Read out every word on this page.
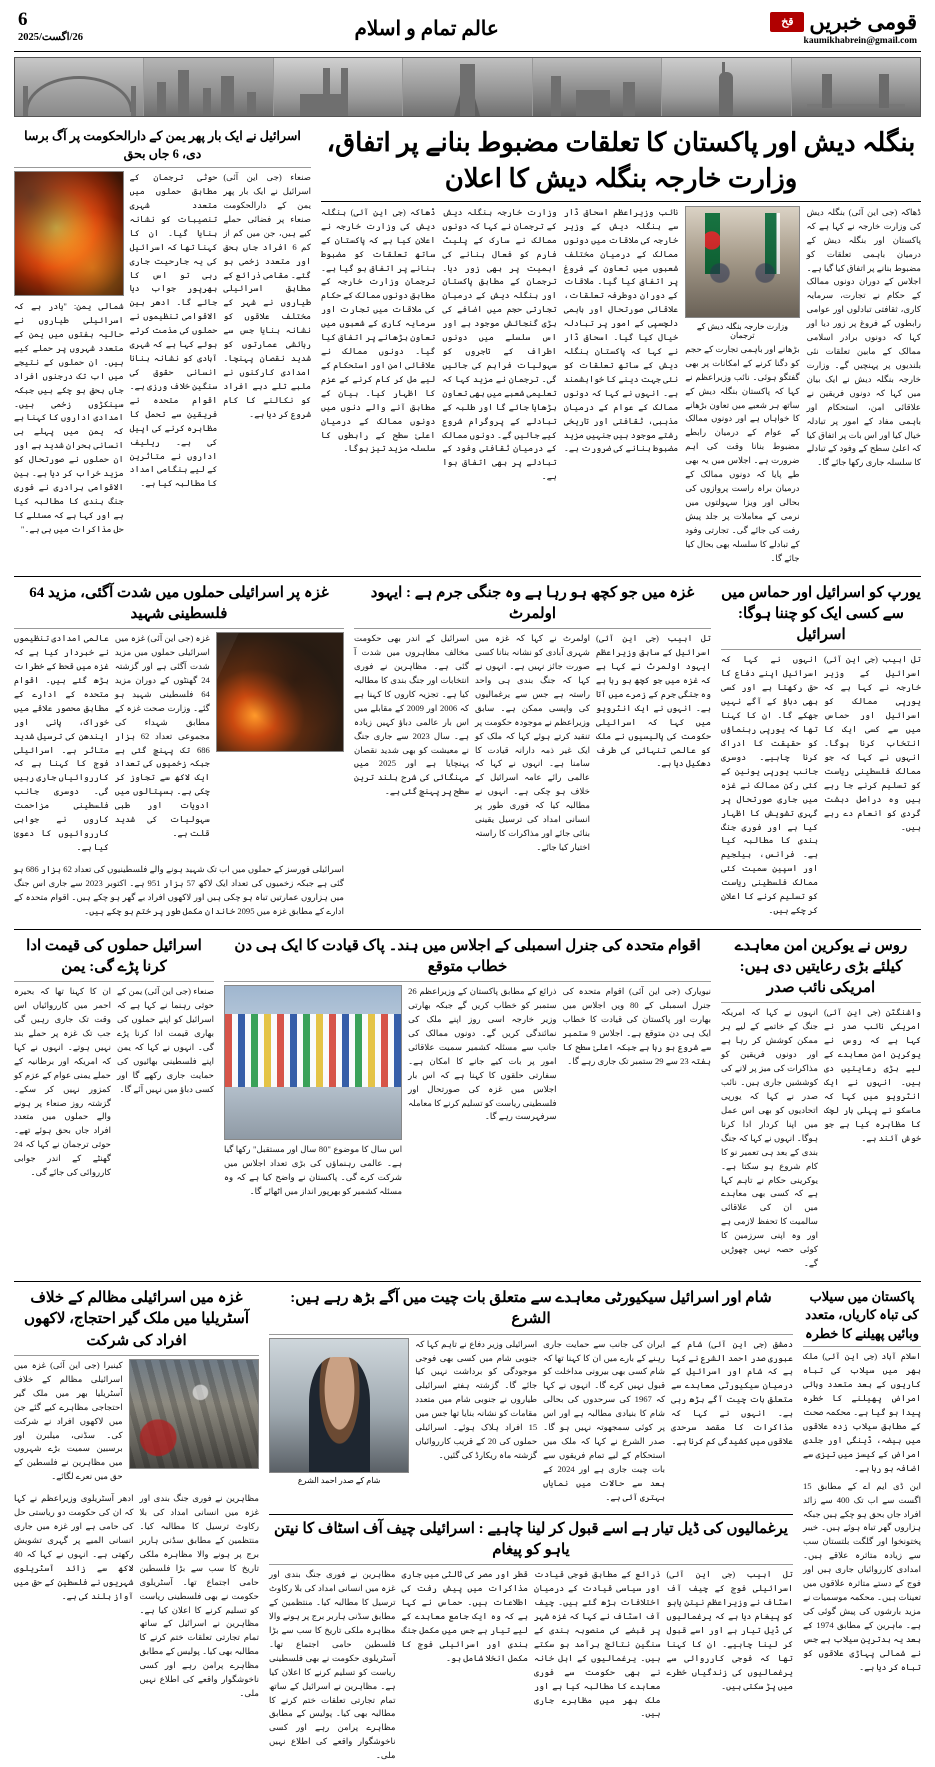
6
26/اگست/2025	عالم تمام و اسلام	قومی خبریں
قخ
kaumikhabrein@gmail.com
بنگلہ دیش اور پاکستان کا تعلقات مضبوط بنانے پر اتفاق، وزارت خارجہ بنگلہ دیش کا اعلان

ڈھاکہ (جی این آئی) بنگلہ دیش کی وزارت خارجہ نے کہا ہے کہ پاکستان اور بنگلہ دیش کے درمیان باہمی تعلقات کو مضبوط بنانے پر اتفاق کیا گیا ہے۔ اجلاس کے دوران دونوں ممالک کے حکام نے تجارت، سرمایہ کاری، ثقافتی تبادلوں اور عوامی رابطوں کے فروغ پر زور دیا اور کہا کہ دونوں برادر اسلامی ممالک کے مابین تعلقات نئی بلندیوں پر پہنچیں گے۔ وزارت خارجہ بنگلہ دیش نے ایک بیان میں کہا کہ دونوں فریقین نے علاقائی امن، استحکام اور باہمی مفاد کے امور پر تبادلہ خیال کیا اور اس بات پر اتفاق کیا کہ اعلیٰ سطح کے وفود کے تبادلے کا سلسلہ جاری رکھا جائے گا۔

وزارت خارجہ بنگلہ دیش کے ترجمان

بڑھانے اور باہمی تجارت کے حجم کو دگنا کرنے کے امکانات پر بھی گفتگو ہوئی۔ نائب وزیراعظم نے کہا کہ پاکستان بنگلہ دیش کے ساتھ ہر شعبے میں تعاون بڑھانے کا خواہاں ہے اور دونوں ممالک کے عوام کے درمیان رابطے مضبوط بنانا وقت کی اہم ضرورت ہے۔ اجلاس میں یہ بھی طے پایا کہ دونوں ممالک کے درمیان براہ راست پروازوں کی بحالی اور ویزا سہولتوں میں نرمی کے معاملات پر جلد پیش رفت کی جائے گی۔ تجارتی وفود کے تبادلے کا سلسلہ بھی بحال کیا جائے گا۔

نائب وزیراعظم اسحاق ڈار سے بنگلہ دیش کے وزیر خارجہ کی ملاقات میں دونوں ممالک کے درمیان مختلف شعبوں میں تعاون کے فروغ پر اتفاق کیا گیا۔ ملاقات کے دوران دوطرفہ تعلقات، علاقائی صورتحال اور باہمی دلچسپی کے امور پر تبادلہ خیال کیا گیا۔ اسحاق ڈار نے کہا کہ پاکستان بنگلہ دیش کے ساتھ تعلقات کو نئی جہت دینے کا خواہشمند ہے۔ انہوں نے کہا کہ دونوں ممالک کے عوام کے درمیان مذہبی، ثقافتی اور تاریخی رشتے موجود ہیں جنہیں مزید مضبوط بنانے کی ضرورت ہے۔

وزارت خارجہ بنگلہ دیش کے ترجمان نے کہا کہ دونوں ممالک نے سارک کے پلیٹ فارم کو فعال بنانے کی اہمیت پر بھی زور دیا۔ ترجمان کے مطابق پاکستان اور بنگلہ دیش کے درمیان تجارتی حجم میں اضافے کی بڑی گنجائش موجود ہے اور اس سلسلے میں دونوں اطراف کے تاجروں کو سہولیات فراہم کی جائیں گی۔ ترجمان نے مزید کہا کہ تعلیمی شعبے میں بھی تعاون بڑھایا جائے گا اور طلبہ کے تبادلے کے پروگرام شروع کیے جائیں گے۔ دونوں ممالک کے درمیان ثقافتی وفود کے تبادلے پر بھی اتفاق ہوا ہے۔

ڈھاکہ (جی این آئی) بنگلہ دیش کی وزارت خارجہ نے اعلان کیا ہے کہ پاکستان کے ساتھ تعلقات کو مضبوط بنانے پر اتفاق ہو گیا ہے۔ ترجمان وزارت خارجہ کے مطابق دونوں ممالک کے حکام کی ملاقات میں تجارت اور سرمایہ کاری کے شعبوں میں تعاون بڑھانے پر اتفاق کیا گیا۔ دونوں ممالک نے علاقائی امن اور استحکام کے لیے مل کر کام کرنے کے عزم کا اظہار کیا۔ بیان کے مطابق آنے والے دنوں میں دونوں ممالک کے درمیان اعلیٰ سطح کے رابطوں کا سلسلہ مزید تیز ہوگا۔

اسرائیل نے ایک بار پھر یمن کے دارالحکومت پر آگ برسا دی، 6 جاں بحق

صنعاء (جی این آئی) اسرائیل نے ایک بار پھر یمن کے دارالحکومت صنعاء پر فضائی حملے کیے ہیں، جن میں کم از کم 6 افراد جاں بحق اور متعدد زخمی ہو گئے۔ مقامی ذرائع کے مطابق اسرائیلی طیاروں نے شہر کے مختلف علاقوں کو نشانہ بنایا جس سے رہائشی عمارتوں کو شدید نقصان پہنچا۔ امدادی کارکنوں نے ملبے تلے دبے افراد کو نکالنے کا کام شروع کر دیا ہے۔

حوثی ترجمان کے مطابق حملوں میں متعدد شہری تنصیبات کو نشانہ بنایا گیا۔ ان کا کہنا تھا کہ اسرائیل کی یہ جارحیت جاری رہی تو اس کا بھرپور جواب دیا جائے گا۔ ادھر بین الاقوامی تنظیموں نے حملوں کی مذمت کرتے ہوئے کہا ہے کہ شہری آبادی کو نشانہ بنانا انسانی حقوق کی سنگین خلاف ورزی ہے۔ اقوام متحدہ نے فریقین سے تحمل کا مظاہرہ کرنے کی اپیل کی ہے۔ ریلیف اداروں نے متاثرین کے لیے ہنگامی امداد کا مطالبہ کیا ہے۔

شمالی یمن: "یادر ہے کہ اسرائیلی طیاروں نے حالیہ ہفتوں میں یمن کے متعدد شہروں پر حملے کیے ہیں۔ ان حملوں کے نتیجے میں اب تک درجنوں افراد جاں بحق ہو چکے ہیں جبکہ سینکڑوں زخمی ہیں۔ امدادی اداروں کا کہنا ہے کہ یمن میں پہلے ہی انسانی بحران شدید ہے اور ان حملوں نے صورتحال کو مزید خراب کر دیا ہے۔ بین الاقوامی برادری نے فوری جنگ بندی کا مطالبہ کیا ہے اور کہا ہے کہ مسئلے کا حل مذاکرات میں ہی ہے۔"

غزہ پر اسرائیلی حملوں میں شدت آگئی، مزید 64 فلسطینی شہید

غزہ (جی این آئی) غزہ میں اسرائیلی حملوں میں مزید شدت آگئی ہے اور گزشتہ 24 گھنٹوں کے دوران مزید 64 فلسطینی شہید ہو گئے۔ وزارت صحت غزہ کے مطابق شہداء کی مجموعی تعداد 62 ہزار 686 تک پہنچ گئی ہے جبکہ زخمیوں کی تعداد ایک لاکھ سے تجاوز کر چکی ہے۔ ہسپتالوں میں ادویات اور طبی سہولیات کی شدید قلت ہے۔

عالمی امدادی تنظیموں نے خبردار کیا ہے کہ غزہ میں قحط کے خطرات بڑھ گئے ہیں۔ اقوام متحدہ کے ادارے کے مطابق محصور علاقے میں خوراک، پانی اور ایندھن کی ترسیل شدید متاثر ہے۔ اسرائیلی فوج کا کہنا ہے کہ کارروائیاں جاری رہیں گی۔ دوسری جانب فلسطینی مزاحمت کاروں نے جوابی کارروائیوں کا دعویٰ کیا ہے۔

اسرائیلی فورسز کے حملوں میں اب تک شہید ہونے والے فلسطینیوں کی تعداد 62 ہزار 686 ہو گئی ہے جبکہ زخمیوں کی تعداد ایک لاکھ 57 ہزار 951 ہے۔ اکتوبر 2023 سے جاری اس جنگ میں ہزاروں عمارتیں تباہ ہو چکی ہیں اور لاکھوں افراد بے گھر ہو چکے ہیں۔ اقوام متحدہ کے ادارے کے مطابق غزہ میں 2095 خاندان مکمل طور پر ختم ہو چکے ہیں۔

غزہ میں جو کچھ ہو رہا ہے وہ جنگی جرم ہے : ایہود اولمرٹ

تل ابیب (جی این آئی) اسرائیل کے سابق وزیراعظم ایہود اولمرٹ نے کہا ہے کہ غزہ میں جو کچھ ہو رہا ہے وہ جنگی جرم کے زمرے میں آتا ہے۔ انہوں نے ایک انٹرویو میں کہا کہ اسرائیلی حکومت کی پالیسیوں نے ملک کو عالمی تنہائی کی طرف دھکیل دیا ہے۔

اولمرٹ نے کہا کہ غزہ میں شہری آبادی کو نشانہ بنانا کسی صورت جائز نہیں ہے۔ انہوں نے کہا کہ جنگ بندی ہی واحد راستہ ہے جس سے یرغمالیوں کی واپسی ممکن ہے۔ سابق وزیراعظم نے موجودہ حکومت پر تنقید کرتے ہوئے کہا کہ ملک کو ایک غیر ذمہ دارانہ قیادت کا سامنا ہے۔ انہوں نے کہا کہ عالمی رائے عامہ اسرائیل کے خلاف ہو چکی ہے۔ انہوں نے مطالبہ کیا کہ فوری طور پر انسانی امداد کی ترسیل یقینی بنائی جائے اور مذاکرات کا راستہ اختیار کیا جائے۔

اسرائیل کے اندر بھی حکومت مخالف مظاہروں میں شدت آ گئی ہے۔ مظاہرین نے فوری انتخابات اور جنگ بندی کا مطالبہ کیا ہے۔ تجزیہ کاروں کا کہنا ہے کہ 2006 اور 2009 کے مقابلے میں اس بار عالمی دباؤ کہیں زیادہ ہے۔ سال 2023 سے جاری جنگ نے معیشت کو بھی شدید نقصان پہنچایا ہے اور 2025 میں مہنگائی کی شرح بلند ترین سطح پر پہنچ گئی ہے۔

یورپ کو اسرائیل اور حماس میں سے کسی ایک کو چننا ہوگا: اسرائیل

تل ابیب (جی این آئی) اسرائیل کے وزیر خارجہ نے کہا ہے کہ یورپی ممالک کو اسرائیل اور حماس میں سے کسی ایک کا انتخاب کرنا ہوگا۔ انہوں نے کہا کہ جو ممالک فلسطینی ریاست کو تسلیم کرنے جا رہے ہیں وہ دراصل دہشت گردی کو انعام دے رہے ہیں۔

انہوں نے کہا کہ اسرائیل اپنے دفاع کا حق رکھتا ہے اور کسی بھی دباؤ کے آگے نہیں جھکے گا۔ ان کا کہنا تھا کہ یورپی رہنماؤں کو حقیقت کا ادراک کرنا چاہیے۔ دوسری جانب یورپی یونین کے کئی رکن ممالک نے غزہ میں جاری صورتحال پر گہری تشویش کا اظہار کیا ہے اور فوری جنگ بندی کا مطالبہ کیا ہے۔ فرانس، بیلجیم اور اسپین سمیت کئی ممالک فلسطینی ریاست کو تسلیم کرنے کا اعلان کر چکے ہیں۔

اسرائیل حملوں کی قیمت ادا کرنا پڑے گی: یمن

صنعاء (جی این آئی) یمن کے حوثی رہنما نے کہا ہے کہ اسرائیل کو اپنے حملوں کی بھاری قیمت ادا کرنا پڑے گی۔ انہوں نے کہا کہ یمن اپنے فلسطینی بھائیوں کی حمایت جاری رکھے گا اور کسی دباؤ میں نہیں آئے گا۔

ان کا کہنا تھا کہ بحیرہ احمر میں کارروائیاں اس وقت تک جاری رہیں گی جب تک غزہ پر حملے بند نہیں ہوتے۔ انہوں نے کہا کہ امریکہ اور برطانیہ کے حملے یمنی عوام کے عزم کو کمزور نہیں کر سکے۔ گزشتہ روز صنعاء پر ہونے والے حملوں میں متعدد افراد جاں بحق ہوئے تھے۔ حوثی ترجمان نے کہا کہ 24 گھنٹے کے اندر جوابی کارروائی کی جائے گی۔

اقوام متحدہ کی جنرل اسمبلی کے اجلاس میں ہند۔ پاک قیادت کا ایک ہی دن خطاب متوقع

نیویارک (جی این آئی) اقوام متحدہ کی جنرل اسمبلی کے 80 ویں اجلاس میں بھارت اور پاکستان کی قیادت کا خطاب ایک ہی دن متوقع ہے۔ اجلاس 9 ستمبر سے شروع ہو رہا ہے جبکہ اعلیٰ سطح کا ہفتہ 23 سے 29 ستمبر تک جاری رہے گا۔

ذرائع کے مطابق پاکستان کے وزیراعظم 26 ستمبر کو خطاب کریں گے جبکہ بھارتی وزیر خارجہ اسی روز اپنے ملک کی نمائندگی کریں گے۔ دونوں ممالک کی جانب سے مسئلہ کشمیر سمیت علاقائی امور پر بات کیے جانے کا امکان ہے۔ سفارتی حلقوں کا کہنا ہے کہ اس بار اجلاس میں غزہ کی صورتحال اور فلسطینی ریاست کو تسلیم کرنے کا معاملہ سرفہرست رہے گا۔

اس سال کا موضوع "80 سال اور مستقبل" رکھا گیا ہے۔ عالمی رہنماؤں کی بڑی تعداد اجلاس میں شرکت کرے گی۔ پاکستان نے واضح کیا ہے کہ وہ مسئلہ کشمیر کو بھرپور انداز میں اٹھائے گا۔

روس نے یوکرین امن معاہدے کیلئے بڑی رعایتیں دی ہیں: امریکی نائب صدر

واشنگٹن (جی این آئی) امریکی نائب صدر نے کہا ہے کہ روس نے یوکرین امن معاہدے کے لیے بڑی رعایتیں دی ہیں۔ انہوں نے ایک انٹرویو میں کہا کہ ماسکو نے پہلی بار لچک کا مظاہرہ کیا ہے جو خوش آئند ہے۔

انہوں نے کہا کہ امریکہ جنگ کے خاتمے کے لیے ہر ممکن کوشش کر رہا ہے اور دونوں فریقین کو مذاکرات کی میز پر لانے کی کوششیں جاری ہیں۔ نائب صدر نے کہا کہ یورپی اتحادیوں کو بھی اس عمل میں اپنا کردار ادا کرنا ہوگا۔ انہوں نے کہا کہ جنگ بندی کے بعد ہی تعمیر نو کا کام شروع ہو سکتا ہے۔ یوکرینی حکام نے تاہم کہا ہے کہ کسی بھی معاہدے میں ان کی علاقائی سالمیت کا تحفظ لازمی ہے اور وہ اپنی سرزمین کا کوئی حصہ نہیں چھوڑیں گے۔

غزہ میں اسرائیلی مظالم کے خلاف آسٹریلیا میں ملک گیر احتجاج، لاکھوں افراد کی شرکت

کینبرا (جی این آئی) غزہ میں اسرائیلی مظالم کے خلاف آسٹریلیا بھر میں ملک گیر احتجاجی مظاہرے کیے گئے جن میں لاکھوں افراد نے شرکت کی۔ سڈنی، میلبرن اور برسبین سمیت بڑے شہروں میں مظاہرین نے فلسطین کے حق میں نعرے لگائے۔

مظاہرین نے فوری جنگ بندی اور غزہ میں انسانی امداد کی بلا رکاوٹ ترسیل کا مطالبہ کیا۔ منتظمین کے مطابق سڈنی ہاربر برج پر ہونے والا مظاہرہ ملکی تاریخ کا سب سے بڑا فلسطین حامی اجتماع تھا۔ آسٹریلوی حکومت نے بھی فلسطینی ریاست کو تسلیم کرنے کا اعلان کیا ہے۔ مظاہرین نے اسرائیل کے ساتھ تمام تجارتی تعلقات ختم کرنے کا مطالبہ بھی کیا۔ پولیس کے مطابق مظاہرے پرامن رہے اور کسی ناخوشگوار واقعے کی اطلاع نہیں ملی۔

ادھر آسٹریلوی وزیراعظم نے کہا کہ ان کی حکومت دو ریاستی حل کی حامی ہے اور غزہ میں جاری انسانی المیے پر گہری تشویش رکھتی ہے۔ انہوں نے کہا کہ 40 لاکھ سے زائد آسٹریلوی شہریوں نے فلسطین کے حق میں آواز بلند کی ہے۔

شام اور اسرائیل سیکیورٹی معاہدے سے متعلق بات چیت میں آگے بڑھ رہے ہیں: الشرع

دمشق (جی این آئی) شام کے عبوری صدر احمد الشرع نے کہا ہے کہ شام اور اسرائیل کے درمیان سیکیورٹی معاہدے سے متعلق بات چیت آگے بڑھ رہی ہے۔ انہوں نے کہا کہ مذاکرات کا مقصد سرحدی علاقوں میں کشیدگی کم کرنا ہے۔

ایران کی جانب سے حمایت جاری رہنے کے بارے میں ان کا کہنا تھا کہ شام کسی بھی بیرونی مداخلت کو قبول نہیں کرے گا۔ انہوں نے کہا کہ 1967 کی سرحدوں کی بحالی شام کا بنیادی مطالبہ ہے اور اس پر کوئی سمجھوتہ نہیں ہو گا۔ صدر الشرع نے کہا کہ ملک میں استحکام کے لیے تمام فریقوں سے بات چیت جاری ہے اور 2024 کے بعد سے حالات میں نمایاں بہتری آئی ہے۔

اسرائیلی وزیر دفاع نے تاہم کہا کہ جنوبی شام میں کسی بھی فوجی موجودگی کو برداشت نہیں کیا جائے گا۔ گزشتہ ہفتے اسرائیلی طیاروں نے جنوبی شام میں متعدد مقامات کو نشانہ بنایا تھا جس میں 15 افراد ہلاک ہوئے۔ اسرائیلی حملوں کی 20 کے قریب کارروائیاں گزشتہ ماہ ریکارڈ کی گئیں۔

شام کے صدر احمد الشرع
یرغمالیوں کی ڈیل تیار ہے اسے قبول کر لینا چاہیے : اسرائیلی چیف آف اسٹاف کا نیتن یاہو کو پیغام

تل ابیب (جی این آئی) اسرائیلی فوج کے چیف آف اسٹاف نے وزیراعظم نیتن یاہو کو پیغام دیا ہے کہ یرغمالیوں کی ڈیل تیار ہے اور اسے قبول کر لینا چاہیے۔ ان کا کہنا تھا کہ فوجی کارروائی سے یرغمالیوں کی زندگیاں خطرے میں پڑ سکتی ہیں۔

ذرائع کے مطابق فوجی قیادت اور سیاسی قیادت کے درمیان اختلافات بڑھ گئے ہیں۔ چیف آف اسٹاف نے کہا کہ غزہ شہر پر قبضے کی منصوبہ بندی کے سنگین نتائج برآمد ہو سکتے ہیں۔ یرغمالیوں کے اہل خانہ نے بھی حکومت سے فوری معاہدے کا مطالبہ کیا ہے اور ملک بھر میں مظاہرے جاری ہیں۔

قطر اور مصر کی ثالثی میں جاری مذاکرات میں پیش رفت کی اطلاعات ہیں۔ حماس نے کہا ہے کہ وہ ایک جامع معاہدے کے لیے تیار ہے جس میں مکمل جنگ بندی اور اسرائیلی فوج کا مکمل انخلا شامل ہو۔

مظاہرین نے فوری جنگ بندی اور غزہ میں انسانی امداد کی بلا رکاوٹ ترسیل کا مطالبہ کیا۔ منتظمین کے مطابق سڈنی ہاربر برج پر ہونے والا مظاہرہ ملکی تاریخ کا سب سے بڑا فلسطین حامی اجتماع تھا۔ آسٹریلوی حکومت نے بھی فلسطینی ریاست کو تسلیم کرنے کا اعلان کیا ہے۔ مظاہرین نے اسرائیل کے ساتھ تمام تجارتی تعلقات ختم کرنے کا مطالبہ بھی کیا۔ پولیس کے مطابق مظاہرے پرامن رہے اور کسی ناخوشگوار واقعے کی اطلاع نہیں ملی۔

پاکستان میں سیلاب کی تباہ کاریاں، متعدد وبائیں پھیلنے کا خطرہ

اسلام آباد (جی این آئی) ملک بھر میں سیلاب کی تباہ کاریوں کے بعد متعدد وبائی امراض پھیلنے کا خطرہ پیدا ہو گیا ہے۔ محکمہ صحت کے مطابق سیلاب زدہ علاقوں میں ہیضہ، ڈینگی اور جلدی امراض کے کیسز میں تیزی سے اضافہ ہو رہا ہے۔

این ڈی ایم اے کے مطابق 15 اگست سے اب تک 400 سے زائد افراد جاں بحق ہو چکے ہیں جبکہ ہزاروں گھر تباہ ہوئے ہیں۔ خیبر پختونخوا اور گلگت بلتستان سب سے زیادہ متاثرہ علاقے ہیں۔ امدادی کارروائیاں جاری ہیں اور فوج کے دستے متاثرہ علاقوں میں تعینات ہیں۔ محکمہ موسمیات نے مزید بارشوں کی پیش گوئی کی ہے۔ ماہرین کے مطابق 1974 کے بعد یہ بدترین سیلاب ہے جس نے شمالی پہاڑی علاقوں کو تباہ کر دیا ہے۔
